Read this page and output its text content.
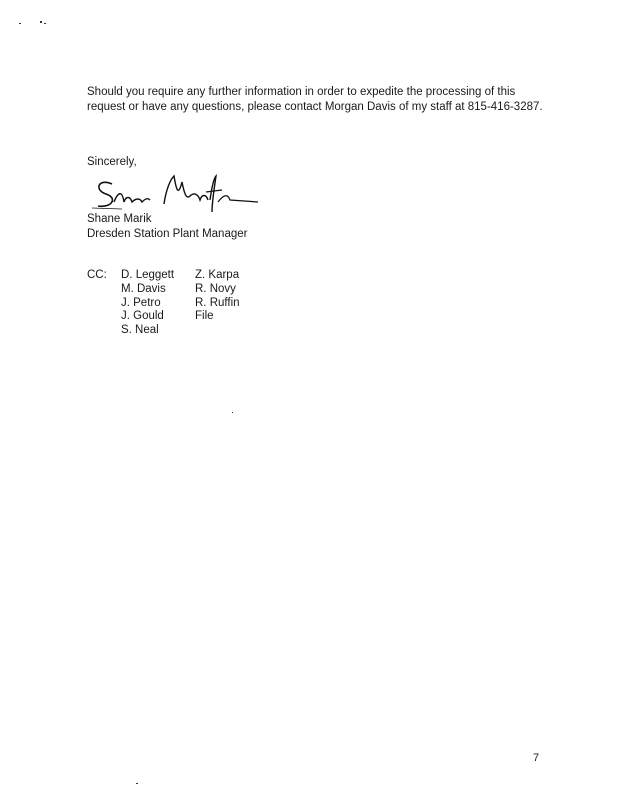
Should you require any further information in order to expedite the processing of this request or have any questions, please contact Morgan Davis of my staff at 815-416-3287.

Sincerely,

Shane Marik

Dresden Station Plant Manager

CC: D. Leggett
M. Davis
J. Petro
J. Gould
S. Neal
Z. Karpa
R. Novy
R. Ruffin
File
7
